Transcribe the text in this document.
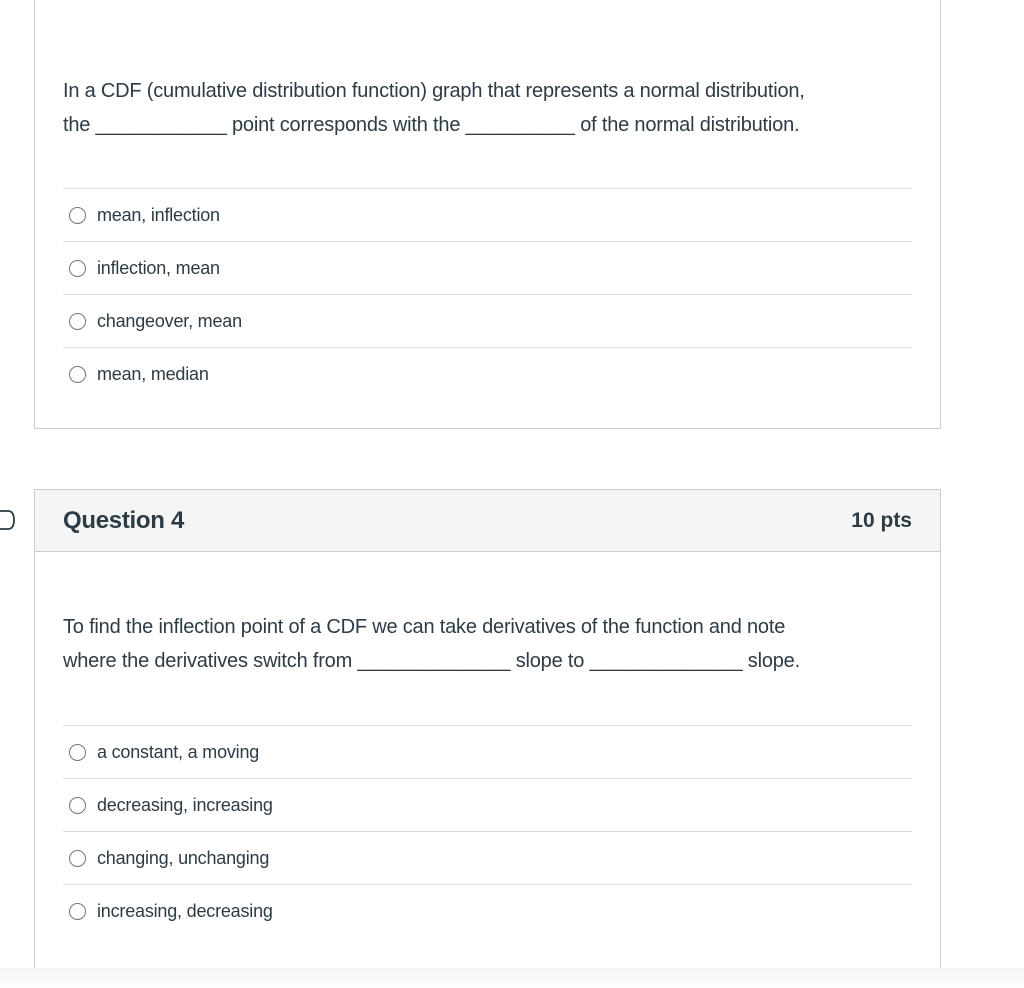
In a CDF (cumulative distribution function) graph that represents a normal distribution,
the ____________ point corresponds with the __________ of the normal distribution.
mean, inflection
inflection, mean
changeover, mean
mean, median
Question 4	10 pts
To find the inflection point of a CDF we can take derivatives of the function and note
where the derivatives switch from ______________ slope to ______________ slope.
a constant, a moving
decreasing, increasing
changing, unchanging
increasing, decreasing
